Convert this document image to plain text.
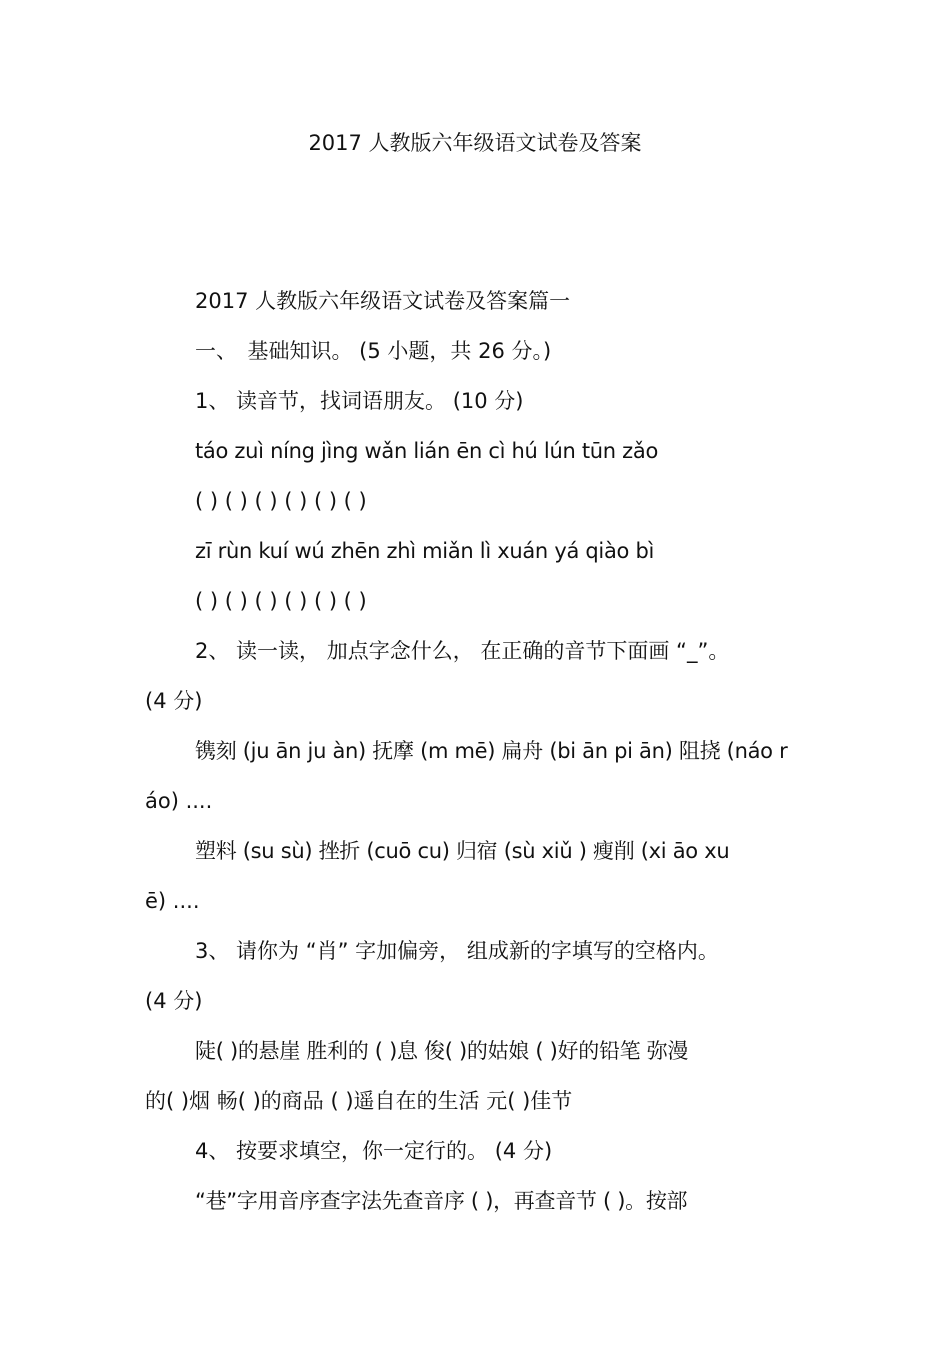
2017 人教版六年级语文试卷及答案

2017 人教版六年级语文试卷及答案篇一

一、　基础知识。 (5 小题，共 26 分。)

1、 读音节，找词语朋友。 (10 分)

táo zuì níng jìng wǎn lián ēn cì hú lún tūn zǎo

( ) ( ) ( ) ( ) ( ) ( )

zī rùn kuí wú zhēn zhì miǎn lì xuán yá qiào bì

( ) ( ) ( ) ( ) ( ) ( )

2、 读一读， 加点字念什么， 在正确的音节下面画 “_”。

(4 分)

镌刻 (ju ān ju àn) 抚摩 (m mē) 扁舟 (bi ān pi ān) 阻挠 (náo r

áo) ....

塑料 (su sù) 挫折 (cuō cu) 归宿 (sù xiǔ ) 瘦削 (xi āo xu

ē) ....

3、 请你为 “肖” 字加偏旁， 组成新的字填写的空格内。

(4 分)

陡( )的悬崖 胜利的 ( )息 俊( )的姑娘 ( )好的铅笔 弥漫

的( )烟 畅( )的商品 ( )遥自在的生活 元( )佳节

4、 按要求填空，你一定行的。 (4 分)

“巷”字用音序查字法先查音序 ( )，再查音节 ( )。按部
